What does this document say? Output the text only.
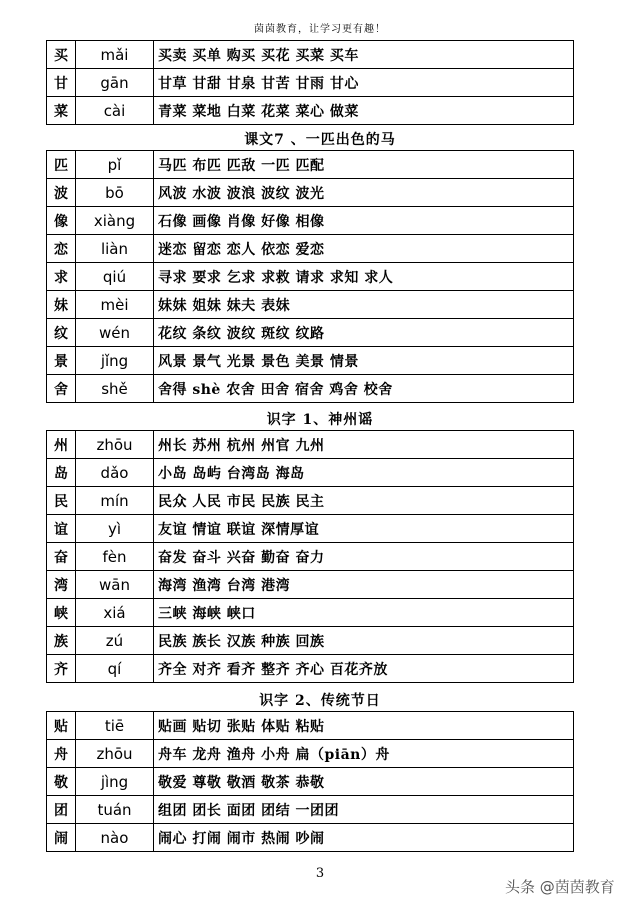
茵茵教育，让学习更有趣！
买	mǎi	买卖 买单 购买 买花 买菜 买车
甘	gān	甘草 甘甜 甘泉 甘苦 甘雨 甘心
菜	cài	青菜 菜地 白菜 花菜 菜心 做菜
课文7 、一匹出色的马
匹	pǐ	马匹 布匹 匹敌 一匹 匹配
波	bō	风波 水波 波浪 波纹 波光
像	xiàng	石像 画像 肖像 好像 相像
恋	liàn	迷恋 留恋 恋人 依恋 爱恋
求	qiú	寻求 要求 乞求 求救 请求 求知 求人
妹	mèi	妹妹 姐妹 妹夫 表妹
纹	wén	花纹 条纹 波纹 斑纹 纹路
景	jǐng	风景 景气 光景 景色 美景 情景
舍	shě	舍得 shè 农舍 田舍 宿舍 鸡舍 校舍
识字 1、神州谣
州	zhōu	州长 苏州 杭州 州官 九州
岛	dǎo	小岛 岛屿 台湾岛 海岛
民	mín	民众 人民 市民 民族 民主
谊	yì	友谊 情谊 联谊 深情厚谊
奋	fèn	奋发 奋斗 兴奋 勤奋 奋力
湾	wān	海湾 渔湾 台湾 港湾
峡	xiá	三峡 海峡 峡口
族	zú	民族 族长 汉族 种族 回族
齐	qí	齐全 对齐 看齐 整齐 齐心 百花齐放
识字 2、传统节日
贴	tiē	贴画 贴切 张贴 体贴 粘贴
舟	zhōu	舟车 龙舟 渔舟 小舟 扁（piān）舟
敬	jìng	敬爱 尊敬 敬酒 敬茶 恭敬
团	tuán	组团 团长 面团 团结 一团团
闹	nào	闹心 打闹 闹市 热闹 吵闹
3
头条 @茵茵教育
